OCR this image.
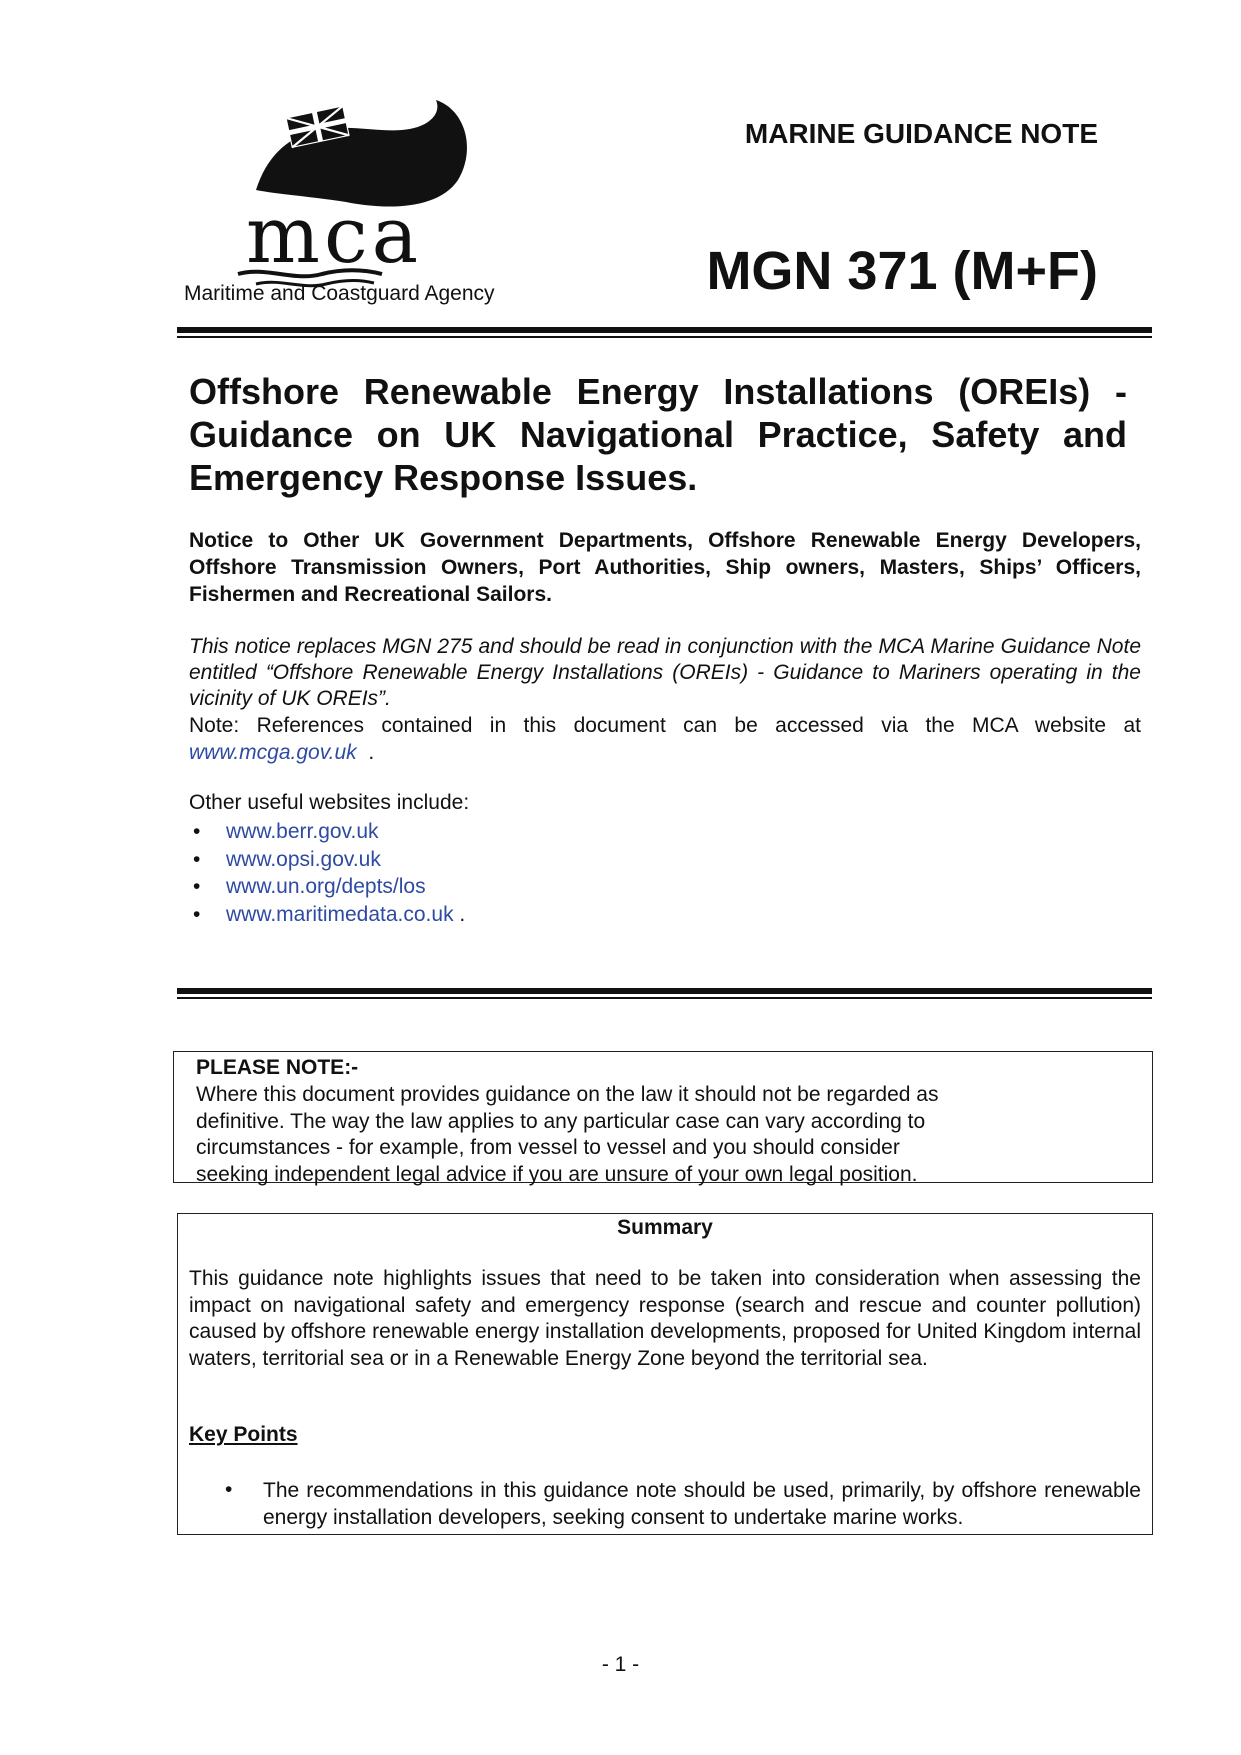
mca
Maritime and Coastguard Agency
MARINE GUIDANCE NOTE
MGN 371 (M+F)
Offshore Renewable Energy Installations (OREIs) - Guidance on UK Navigational Practice, Safety and Emergency Response Issues.
Notice to Other UK Government Departments, Offshore Renewable Energy Developers, Offshore Transmission Owners, Port Authorities, Ship owners, Masters, Ships’ Officers, Fishermen and Recreational Sailors.
This notice replaces MGN 275 and should be read in conjunction with the MCA Marine Guidance Note entitled “Offshore Renewable Energy Installations (OREIs) - Guidance to Mariners operating in the vicinity of UK OREIs”.
Note: References contained in this document can be accessed via the MCA website at www.mcga.gov.uk .
Other useful websites include:
• www.berr.gov.uk
• www.opsi.gov.uk
• www.un.org/depts/los
• www.maritimedata.co.uk .
PLEASE NOTE:-
Where this document provides guidance on the law it should not be regarded as
definitive. The way the law applies to any particular case can vary according to
circumstances - for example, from vessel to vessel and you should consider
seeking independent legal advice if you are unsure of your own legal position.
Summary
This guidance note highlights issues that need to be taken into consideration when assessing the impact on navigational safety and emergency response (search and rescue and counter pollution) caused by offshore renewable energy installation developments, proposed for United Kingdom internal waters, territorial sea or in a Renewable Energy Zone beyond the territorial sea.
Key Points
• The recommendations in this guidance note should be used, primarily, by offshore renewable energy installation developers, seeking consent to undertake marine works.
- 1 -
